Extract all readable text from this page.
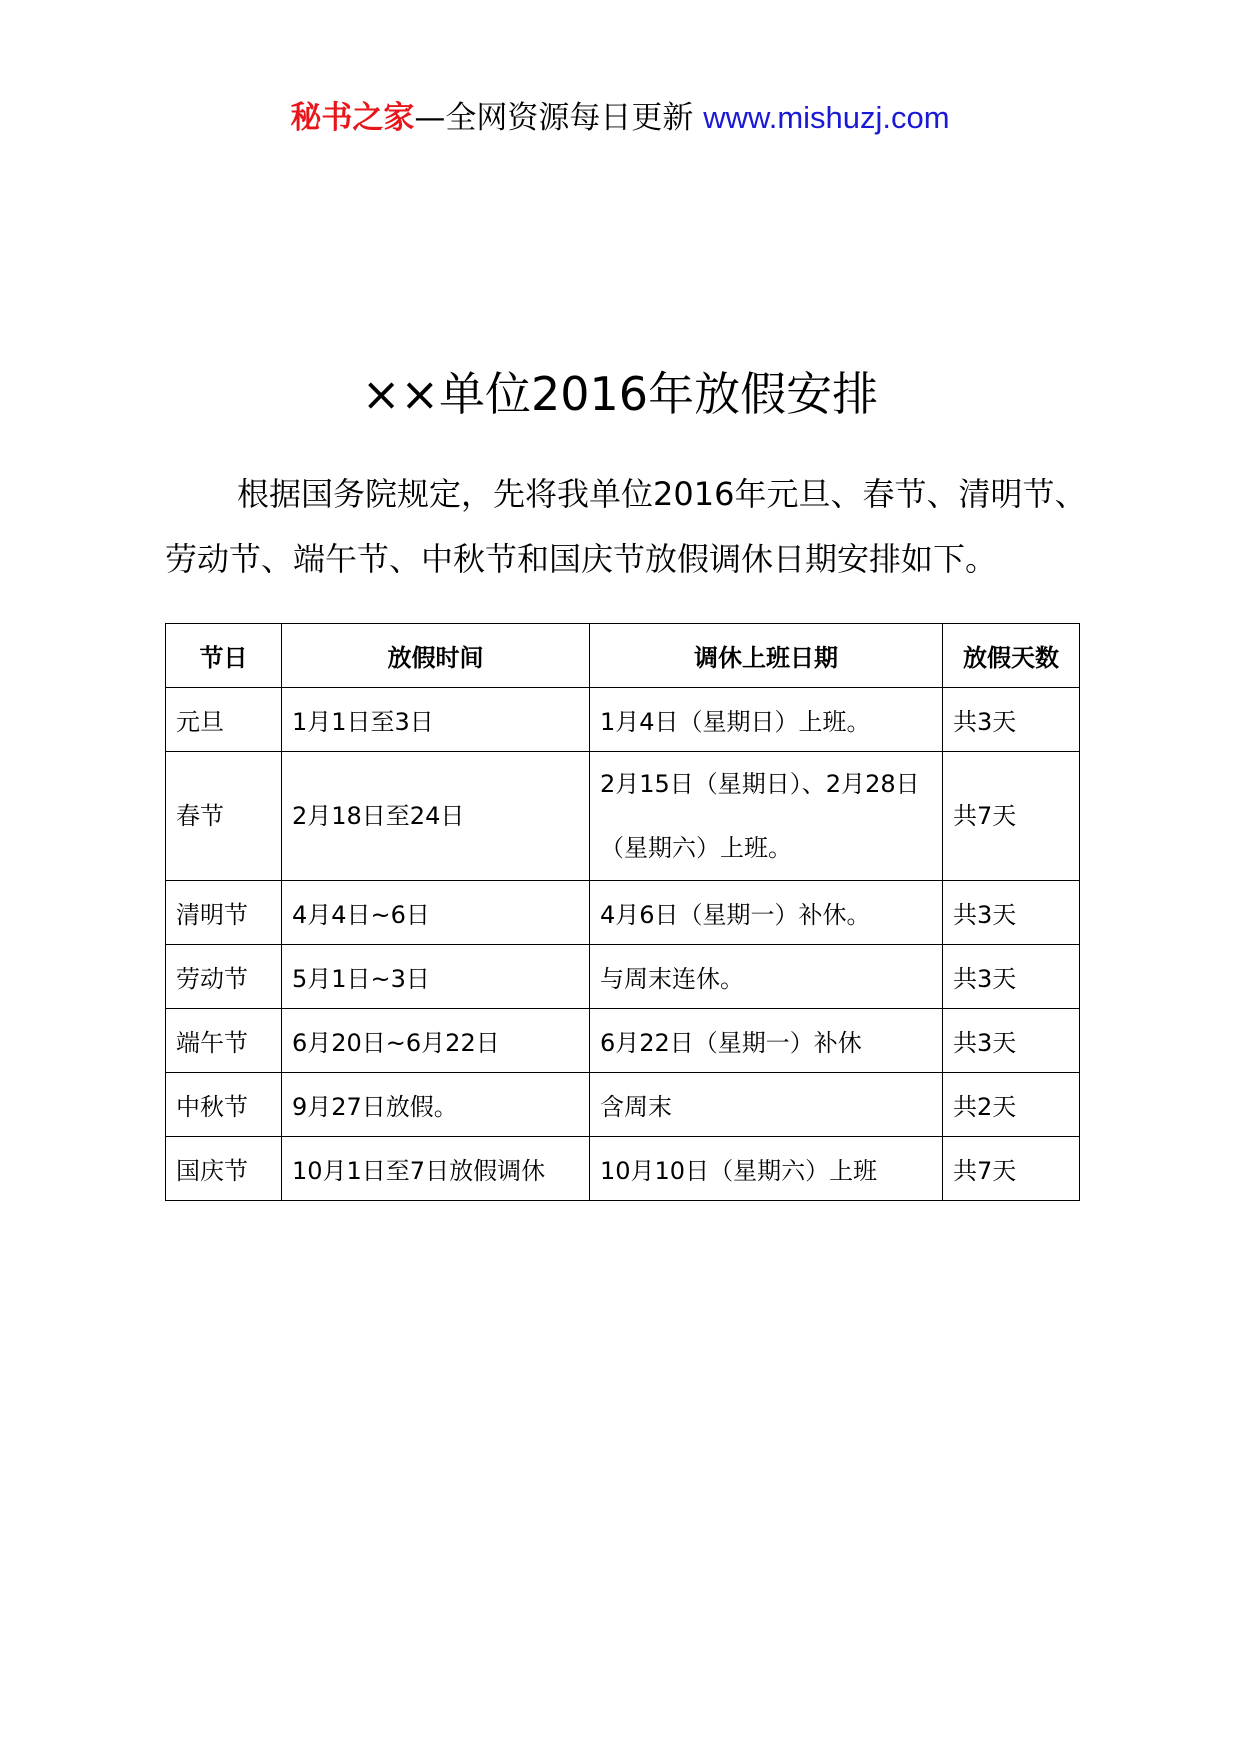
秘书之家—全网资源每日更新 www.mishuzj.com
××单位2016年放假安排
根据国务院规定，先将我单位2016年元旦、春节、清明节、劳动节、端午节、中秋节和国庆节放假调休日期安排如下。
节日	放假时间	调休上班日期	放假天数
元旦	1月1日至3日	1月4日（星期日）上班。	共3天
春节	2月18日至24日	2月15日（星期日）、2月28日（星期六）上班。	共7天
清明节	4月4日~6日	4月6日（星期一）补休。	共3天
劳动节	5月1日~3日	与周末连休。	共3天
端午节	6月20日~6月22日	6月22日（星期一）补休	共3天
中秋节	9月27日放假。	含周末	共2天
国庆节	10月1日至7日放假调休	10月10日（星期六）上班	共7天
